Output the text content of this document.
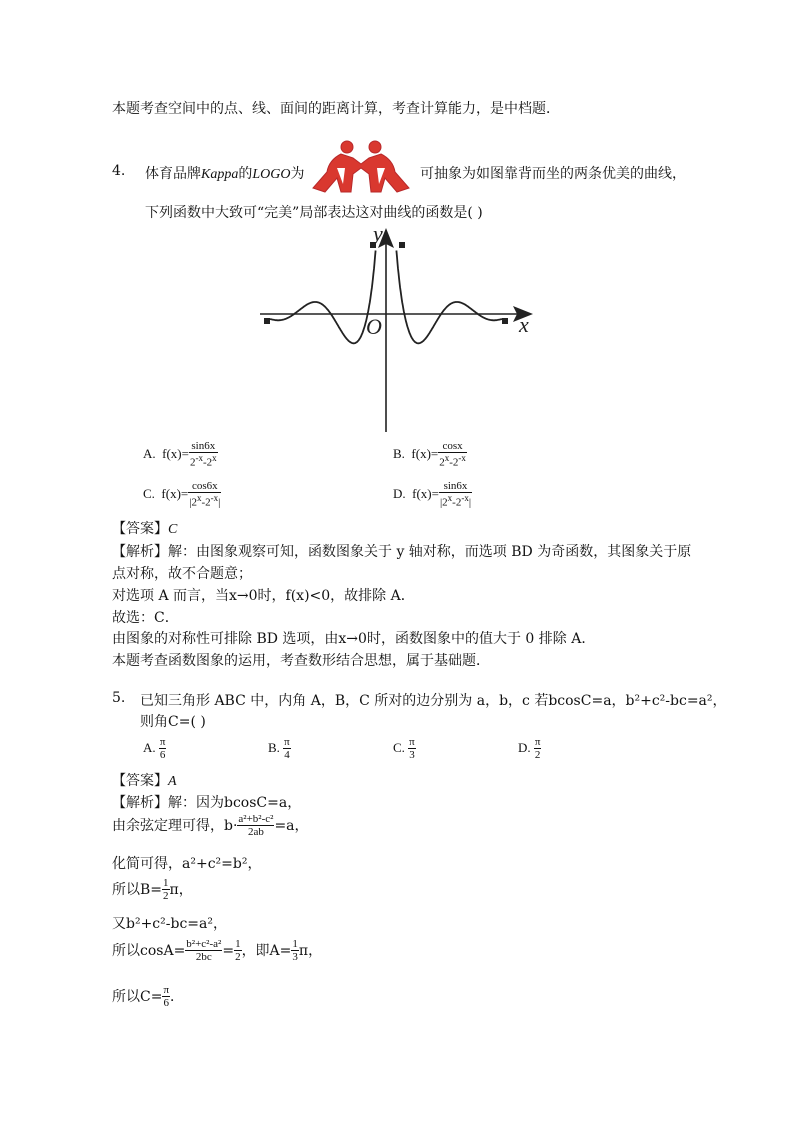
本题考查空间中的点、线、面间的距离计算，考查计算能力，是中档题．
4. 体育品牌Kappa的LOGO为	可抽象为如图靠背而坐的两条优美的曲线，
下列函数中大致可“完美”局部表达这对曲线的函数是( )
y
x
O
A. $f(x)= \frac{\sin 6x}{2^{-x}-2^x}$	B. $f(x)= \frac{\cos x}{2^x-2^{-x}}$
C. $f(x)= \frac{\cos 6x}{|2^x-2^{-x}|}$	D. $f(x)= \frac{\sin 6x}{|2^x-2^{-x}|}$
【答案】C
【解析】解：由图象观察可知，函数图象关于 y 轴对称，而选项 BD 为奇函数，其图象关于原
点对称，故不合题意；
对选项 A 而言，当x→0时，f(x)<0，故排除 A．
故选：C．
由图象的对称性可排除 BD 选项，由x→0时，函数图象中的值大于 0 排除 A．
本题考查函数图象的运用，考查数形结合思想，属于基础题．
5. 已知三角形 ABC 中，内角 A，B，C 所对的边分别为 a，b，c 若bcosC=a，b²+c²-bc=a²，
则角C=( )
A. $\frac{\pi}{6}$	B. $\frac{\pi}{4}$	C. $\frac{\pi}{3}$	D. $\frac{\pi}{2}$
【答案】A
【解析】解：因为bcosC=a，
由余弦定理可得，$b\cdot \frac{\text{a²+b²-c²}}{2ab} =a$，
化简可得，a²+c²=b²，
所以$B= \frac{1}{2}$ π，
又b²+c²-bc=a²，
所以$\cos A= \frac{\text{b²+c²-a²}}{2bc} = \frac{1}{2}$ ，即$A= \frac{1}{3}$ π，
所以$C= \frac{\pi}{6}$ ．
